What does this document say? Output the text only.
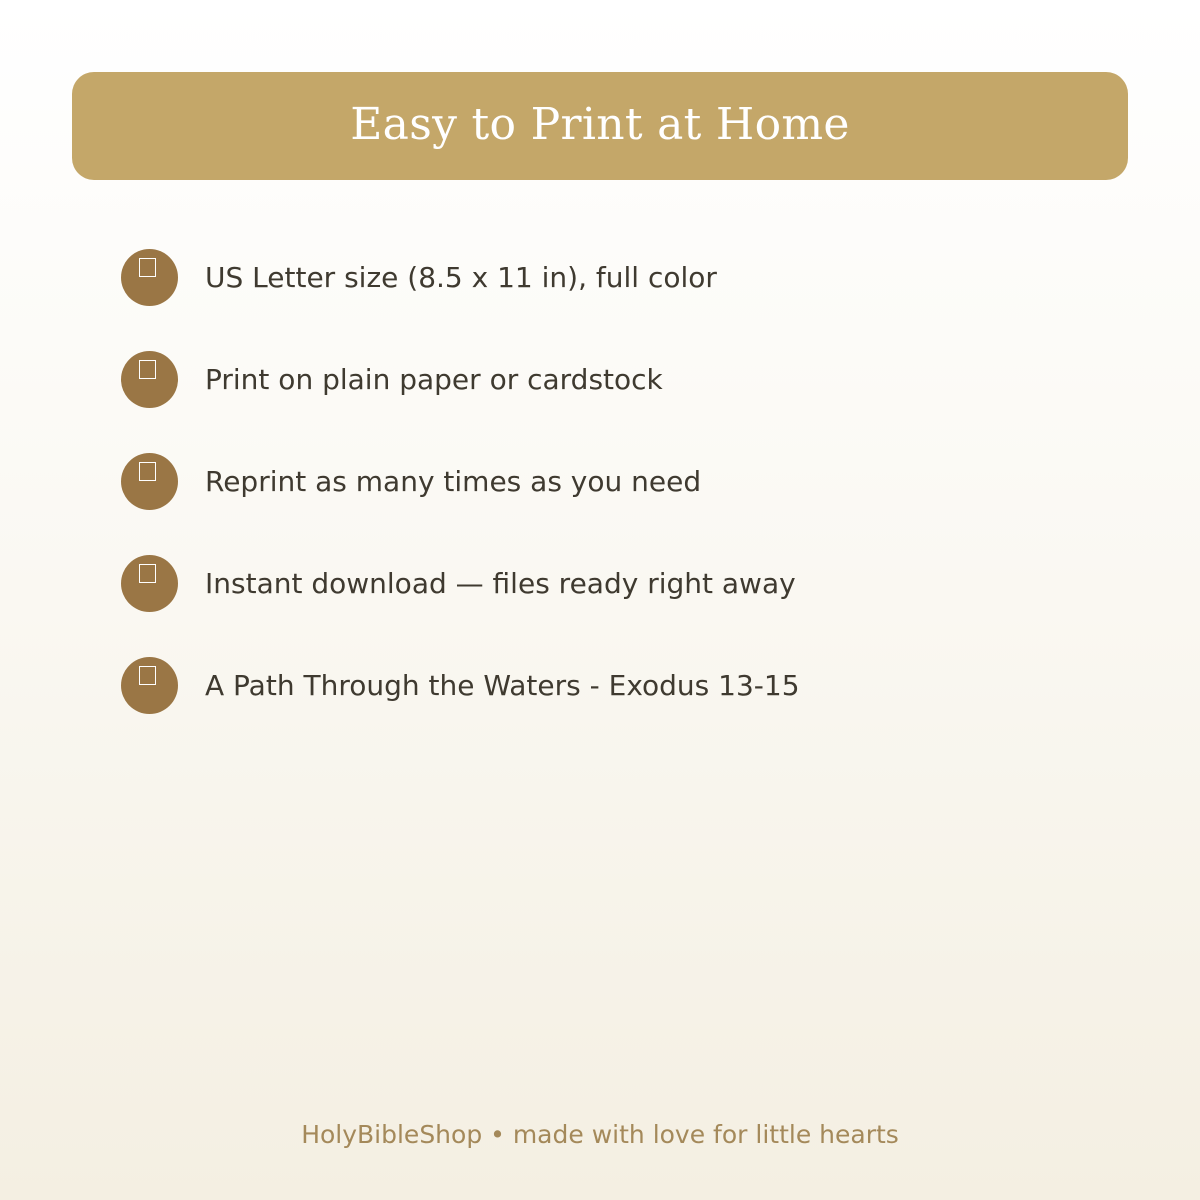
Easy to Print at Home
US Letter size (8.5 x 11 in), full color
Print on plain paper or cardstock
Reprint as many times as you need
Instant download — files ready right away
A Path Through the Waters - Exodus 13-15
HolyBibleShop • made with love for little hearts
